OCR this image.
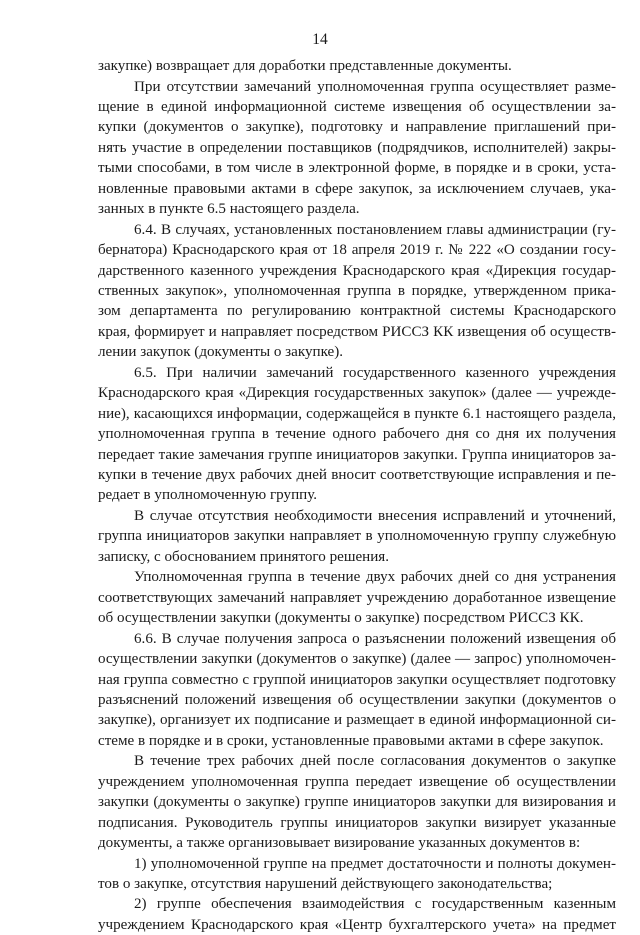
14
закупке) возвращает для доработки представленные документы.
При отсутствии замечаний уполномоченная группа осуществляет разме-
щение в единой информационной системе извещения об осуществлении за-
купки (документов о закупке), подготовку и направление приглашений при-
нять участие в определении поставщиков (подрядчиков, исполнителей) закры-
тыми способами, в том числе в электронной форме, в порядке и в сроки, уста-
новленные правовыми актами в сфере закупок, за исключением случаев, ука-
занных в пункте 6.5 настоящего раздела.
6.4. В случаях, установленных постановлением главы администрации (гу-
бернатора) Краснодарского края от 18 апреля 2019 г. № 222 «О создании госу-
дарственного казенного учреждения Краснодарского края «Дирекция государ-
ственных закупок», уполномоченная группа в порядке, утвержденном прика-
зом департамента по регулированию контрактной системы Краснодарского
края, формирует и направляет посредством РИССЗ КК извещения об осуществ-
лении закупок (документы о закупке).
6.5. При наличии замечаний государственного казенного учреждения
Краснодарского края «Дирекция государственных закупок» (далее — учрежде-
ние), касающихся информации, содержащейся в пункте 6.1 настоящего раздела,
уполномоченная группа в течение одного рабочего дня со дня их получения
передает такие замечания группе инициаторов закупки. Группа инициаторов за-
купки в течение двух рабочих дней вносит соответствующие исправления и пе-
редает в уполномоченную группу.
В случае отсутствия необходимости внесения исправлений и уточнений,
группа инициаторов закупки направляет в уполномоченную группу служебную
записку, с обоснованием принятого решения.
Уполномоченная группа в течение двух рабочих дней со дня устранения
соответствующих замечаний направляет учреждению доработанное извещение
об осуществлении закупки (документы о закупке) посредством РИССЗ КК.
6.6. В случае получения запроса о разъяснении положений извещения об
осуществлении закупки (документов о закупке) (далее — запрос) уполномочен-
ная группа совместно с группой инициаторов закупки осуществляет подготовку
разъяснений положений извещения об осуществлении закупки (документов о
закупке), организует их подписание и размещает в единой информационной си-
стеме в порядке и в сроки, установленные правовыми актами в сфере закупок.
В течение трех рабочих дней после согласования документов о закупке
учреждением уполномоченная группа передает извещение об осуществлении
закупки (документы о закупке) группе инициаторов закупки для визирования и
подписания. Руководитель группы инициаторов закупки визирует указанные
документы, а также организовывает визирование указанных документов в:
1) уполномоченной группе на предмет достаточности и полноты докумен-
тов о закупке, отсутствия нарушений действующего законодательства;
2) группе обеспечения взаимодействия с государственным казенным
учреждением Краснодарского края «Центр бухгалтерского учета» на предмет
